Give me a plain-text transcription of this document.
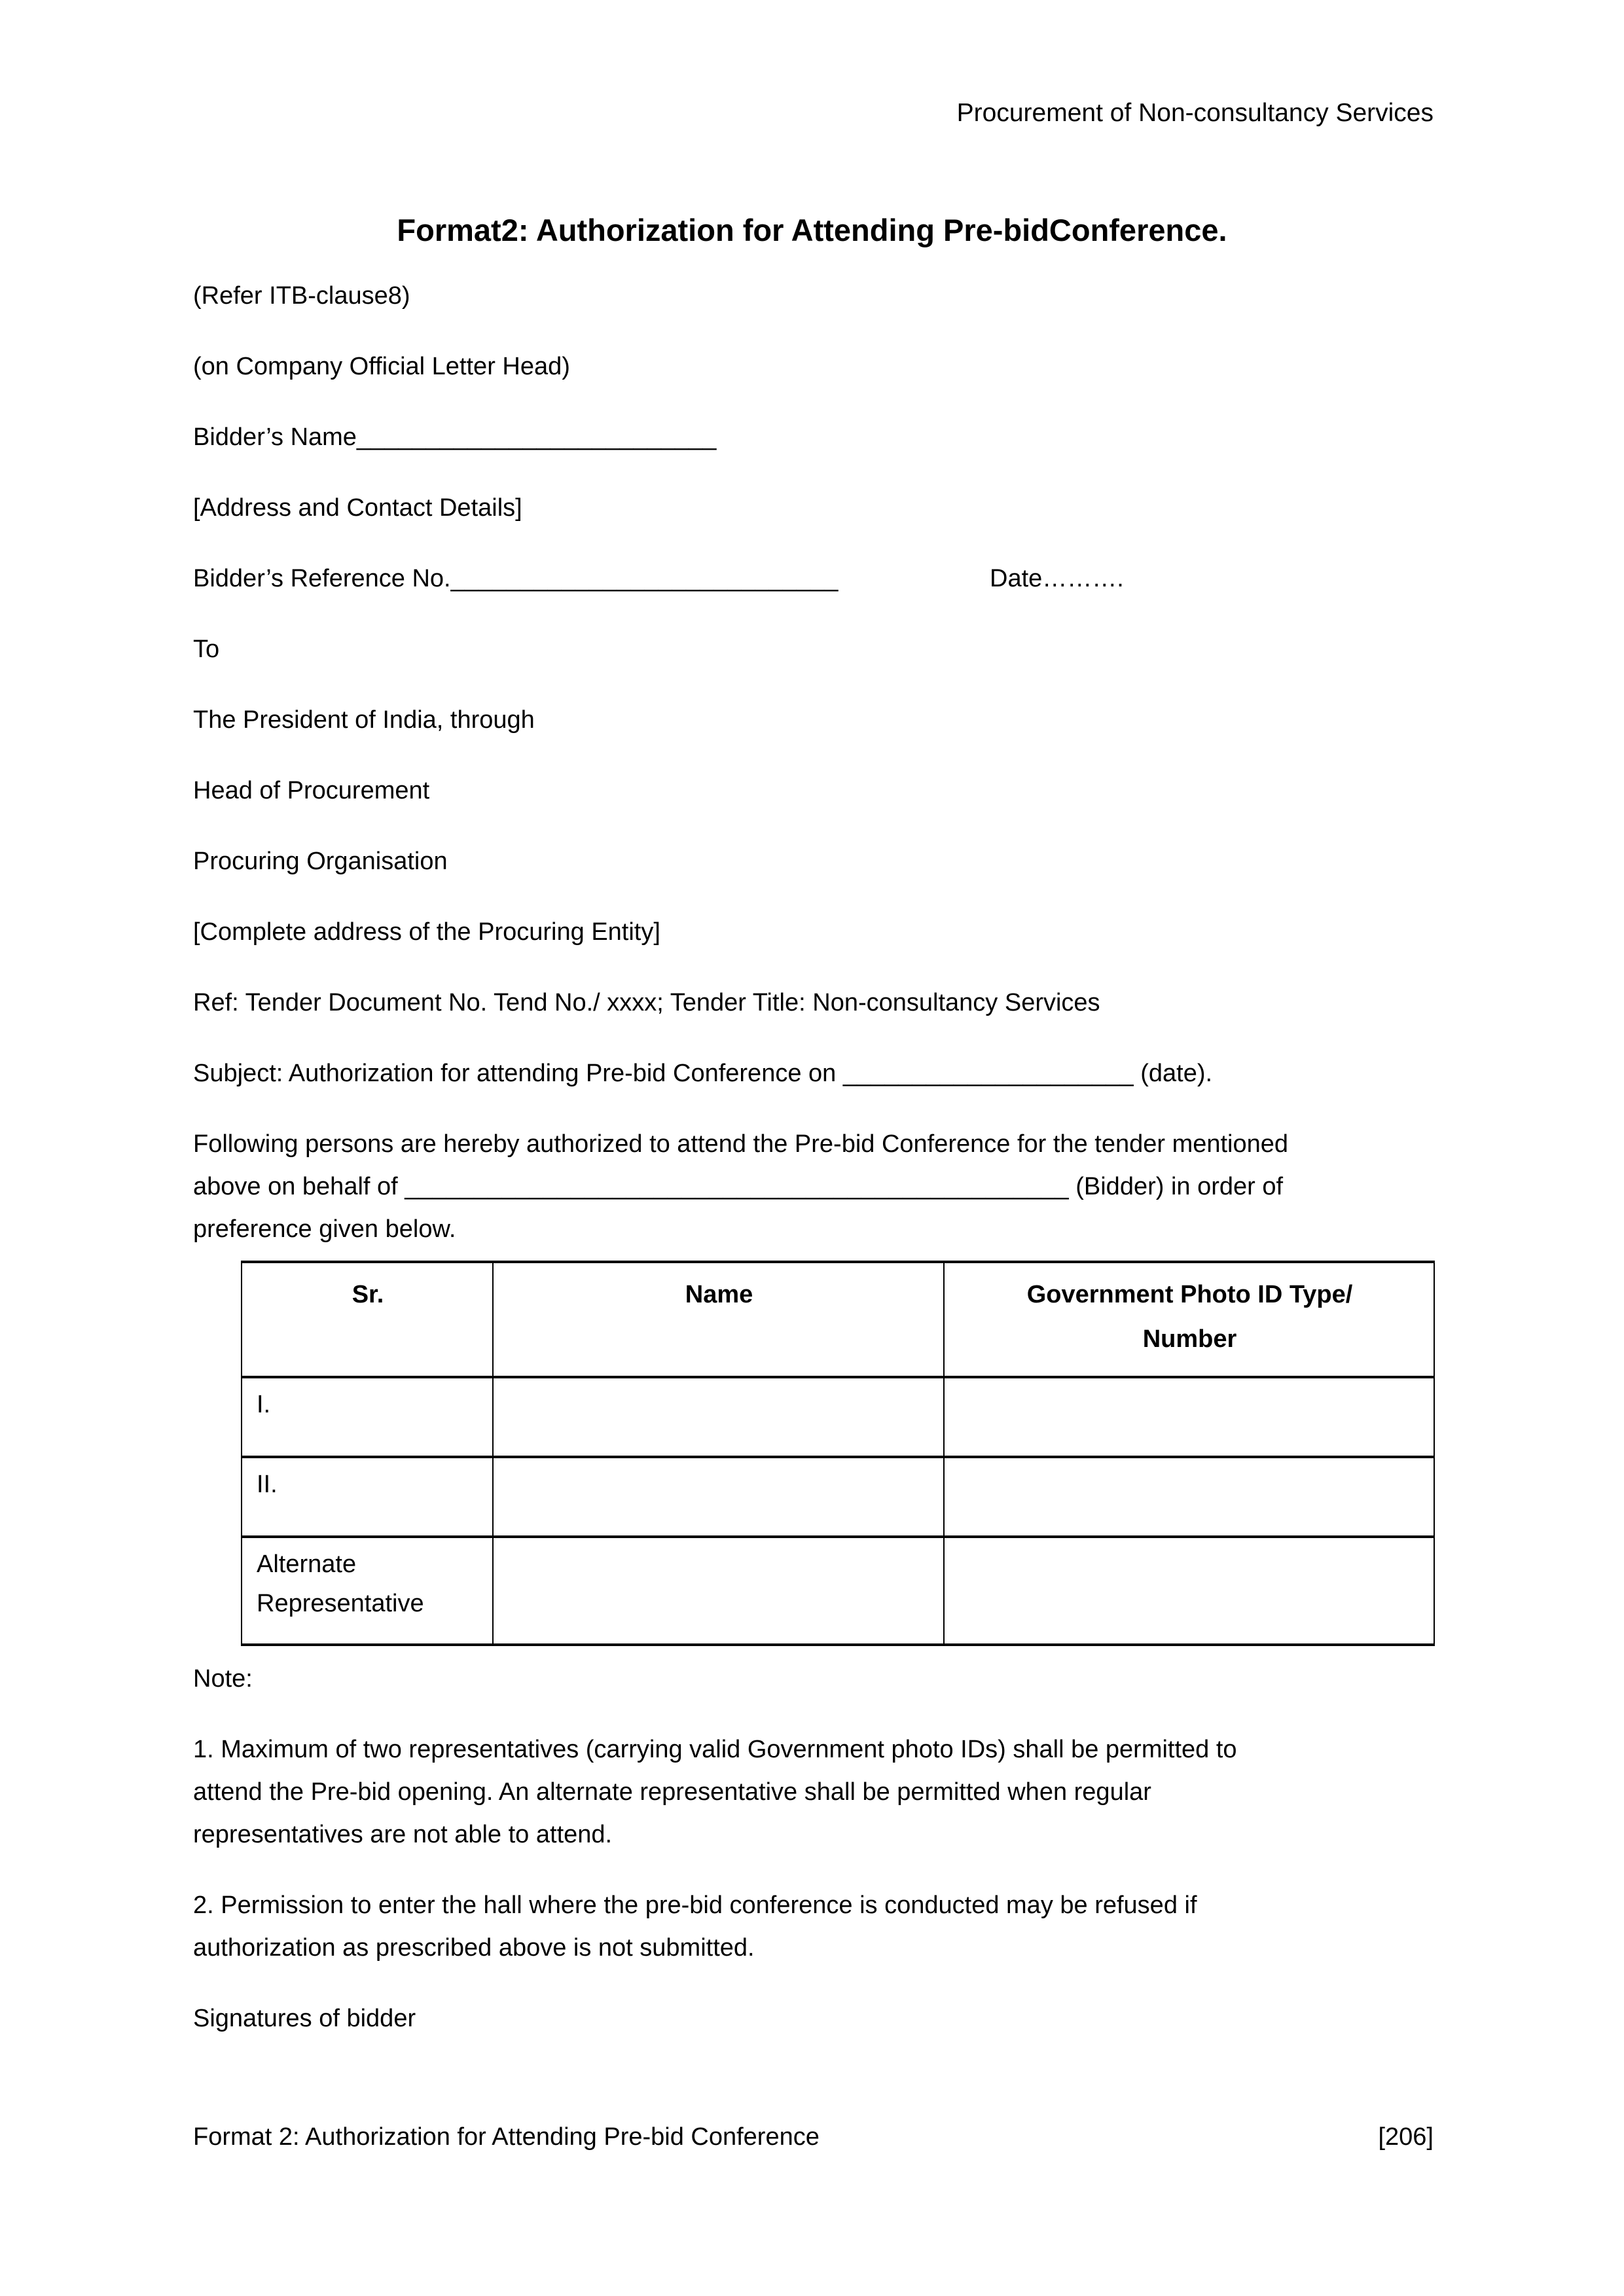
Procurement of Non-consultancy Services
Format2: Authorization for Attending Pre-bidConference.

(Refer ITB-clause8)

(on Company Official Letter Head)

Bidder’s Name__________________________

[Address and Contact Details]

Bidder’s Reference No.____________________________	Date……….

To

The President of India, through

Head of Procurement

Procuring Organisation

[Complete address of the Procuring Entity]

Ref: Tender Document No. Tend No./ xxxx; Tender Title: Non-consultancy Services

Subject: Authorization for attending Pre-bid Conference on _____________________ (date).

Following persons are hereby authorized to attend the Pre-bid Conference for the tender mentioned
above on behalf of ________________________________________________ (Bidder) in order of
preference given below.

Sr.	Name	Government Photo ID Type/
Number

I.		

II.		

Alternate
Representative		

Note:

1. Maximum of two representatives (carrying valid Government photo IDs) shall be permitted to
attend the Pre-bid opening. An alternate representative shall be permitted when regular
representatives are not able to attend.

2. Permission to enter the hall where the pre-bid conference is conducted may be refused if
authorization as prescribed above is not submitted.

Signatures of bidder

Format 2: Authorization for Attending Pre-bid Conference	[206]
